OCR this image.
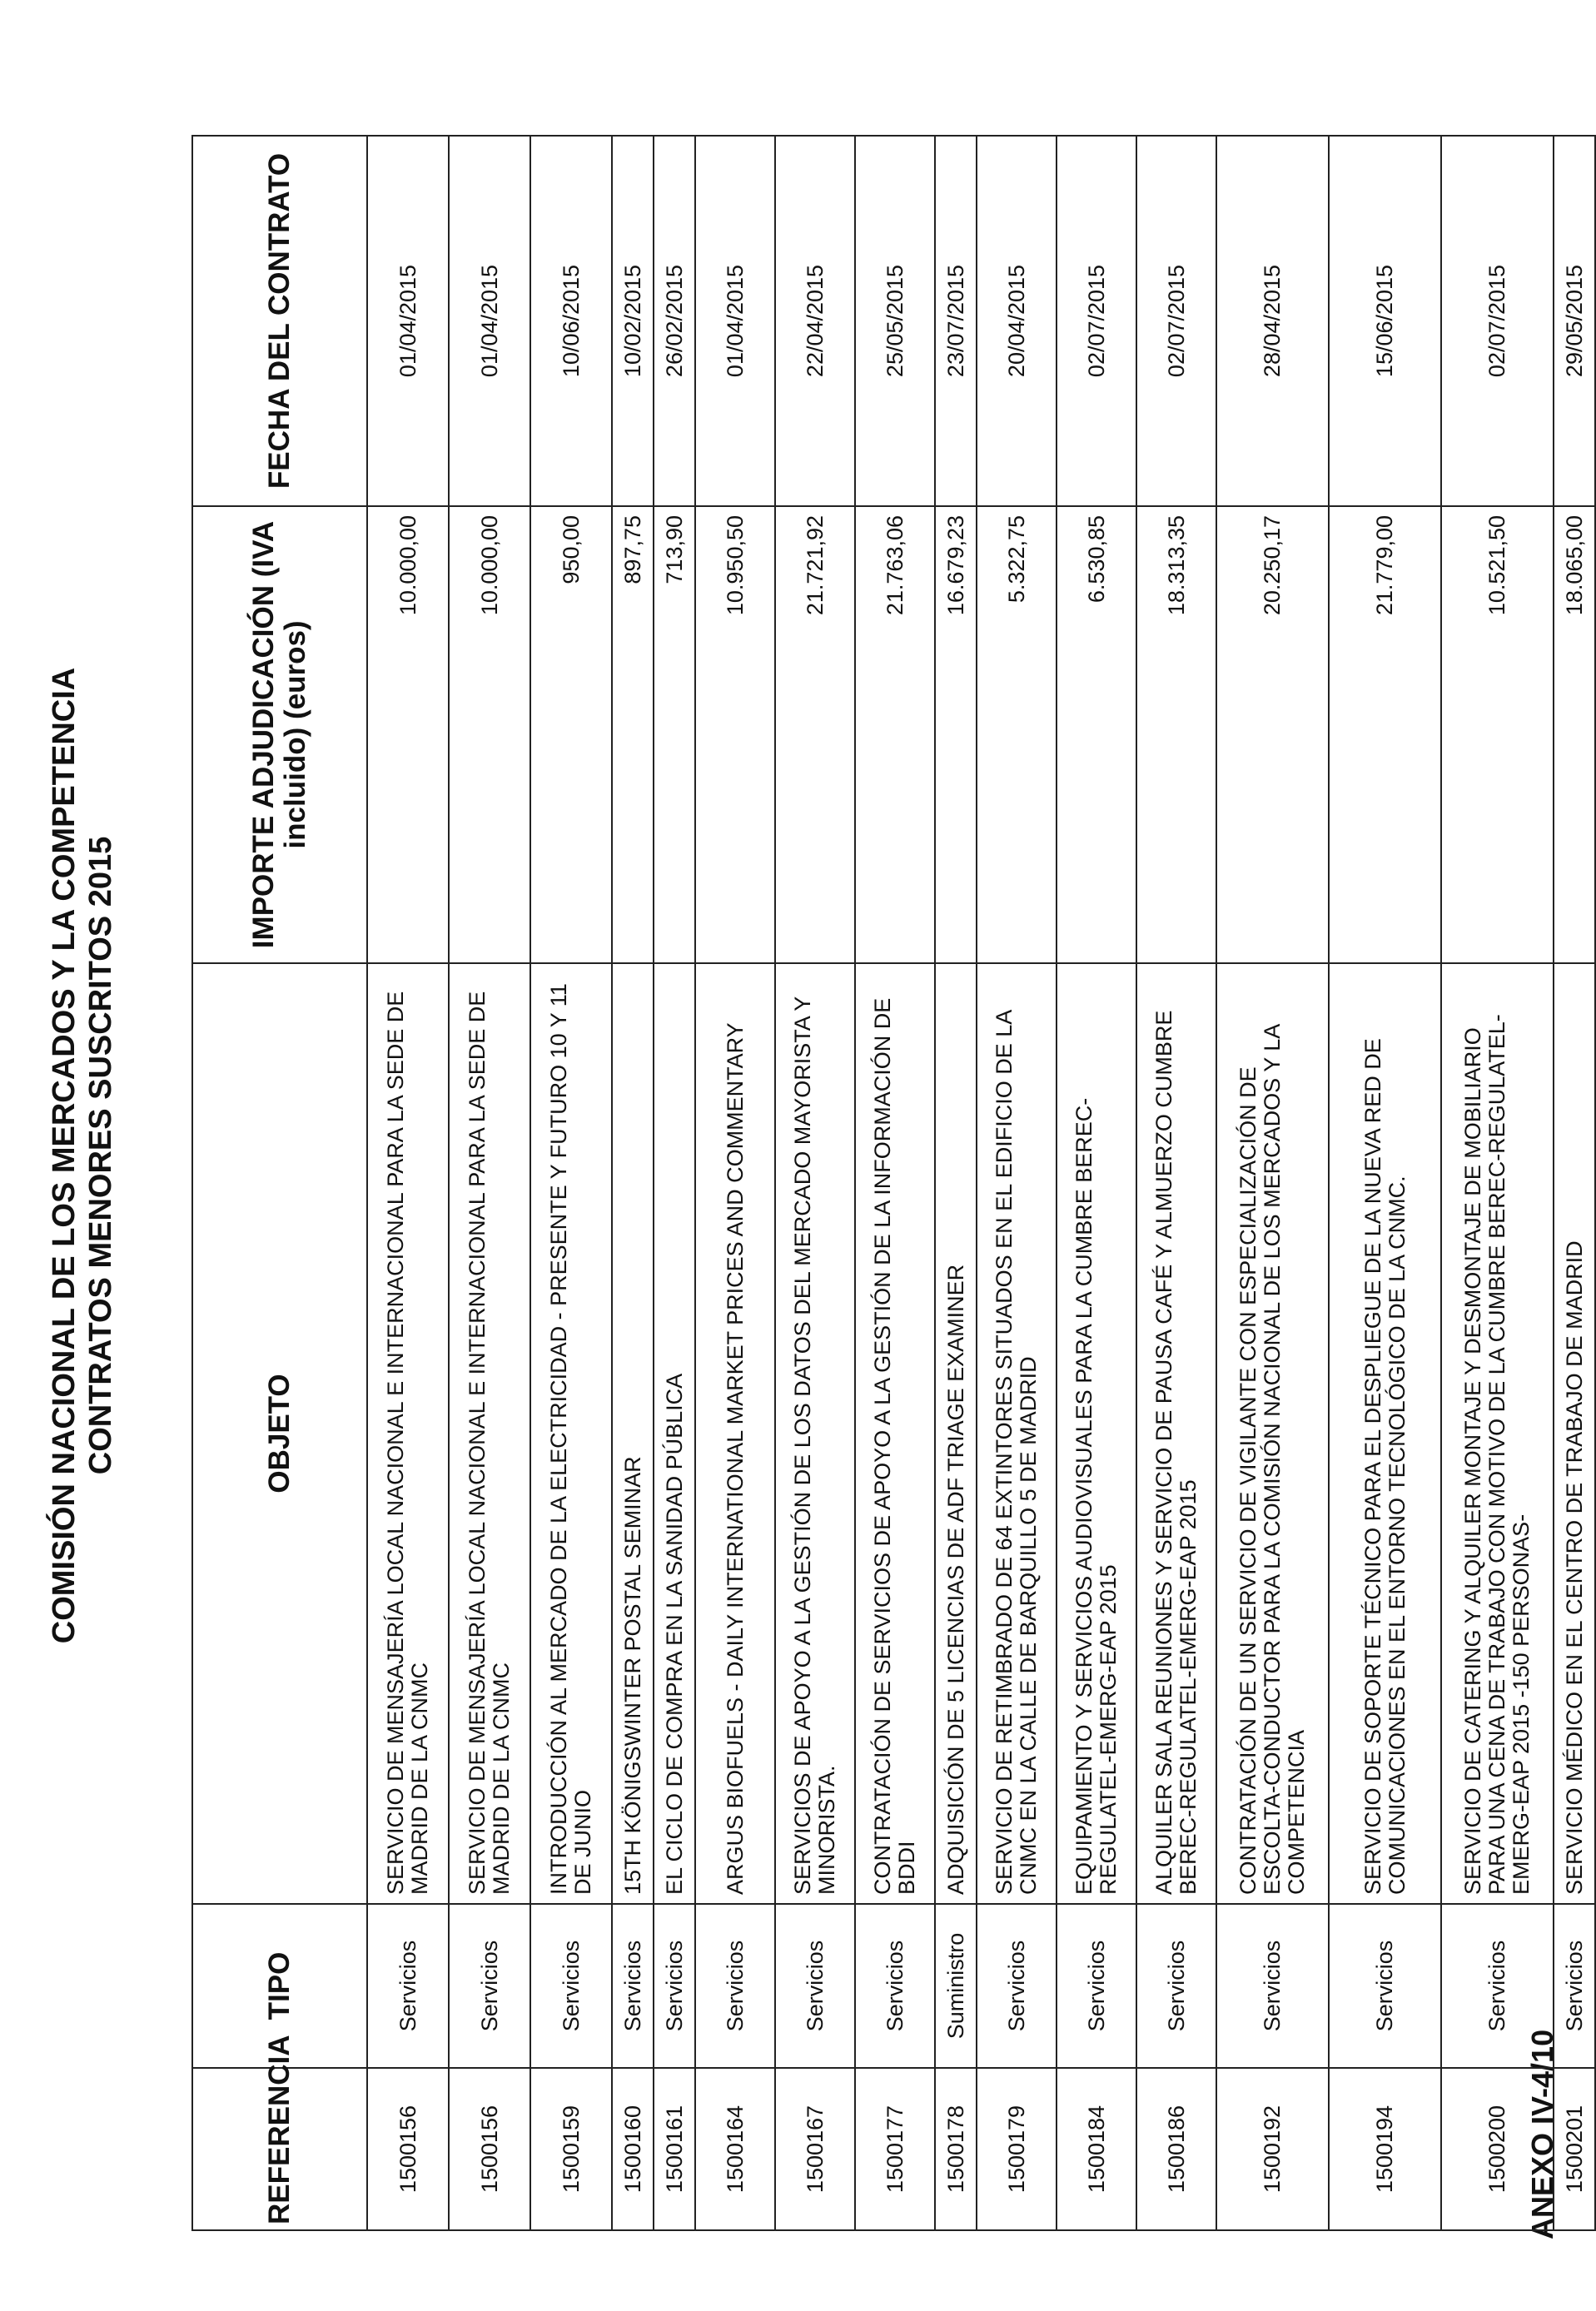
ANEXO IV-4/10
COMISIÓN NACIONAL DE LOS MERCADOS Y LA COMPETENCIA CONTRATOS MENORES SUSCRITOS 2015
REFERENCIA	TIPO	OBJETO	IMPORTE ADJUDICACIÓN (IVA incluido) (euros)	FECHA DEL CONTRATO
1500156	Servicios	SERVICIO DE MENSAJERÍA LOCAL NACIONAL E INTERNACIONAL PARA LA SEDE DE MADRID DE LA CNMC	10.000,00	01/04/2015
1500156	Servicios	SERVICIO DE MENSAJERÍA LOCAL NACIONAL E INTERNACIONAL PARA LA SEDE DE MADRID DE LA CNMC	10.000,00	01/04/2015
1500159	Servicios	INTRODUCCIÓN AL MERCADO DE LA ELECTRICIDAD - PRESENTE Y FUTURO 10 Y 11 DE JUNIO	950,00	10/06/2015
1500160	Servicios	15TH KÖNIGSWINTER POSTAL SEMINAR	897,75	10/02/2015
1500161	Servicios	EL CICLO DE COMPRA EN LA SANIDAD PÚBLICA	713,90	26/02/2015
1500164	Servicios	ARGUS BIOFUELS - DAILY INTERNATIONAL MARKET PRICES AND COMMENTARY	10.950,50	01/04/2015
1500167	Servicios	SERVICIOS DE APOYO A LA GESTIÓN DE LOS DATOS DEL MERCADO MAYORISTA Y MINORISTA.	21.721,92	22/04/2015
1500177	Servicios	CONTRATACIÓN DE SERVICIOS DE APOYO A LA GESTIÓN DE LA INFORMACIÓN DE BDDI	21.763,06	25/05/2015
1500178	Suministro	ADQUISICIÓN DE 5 LICENCIAS DE ADF TRIAGE EXAMINER	16.679,23	23/07/2015
1500179	Servicios	SERVICIO DE RETIMBRADO DE 64 EXTINTORES SITUADOS EN EL EDIFICIO DE LA CNMC EN LA CALLE DE BARQUILLO 5 DE MADRID	5.322,75	20/04/2015
1500184	Servicios	EQUIPAMIENTO Y SERVICIOS AUDIOVISUALES PARA LA CUMBRE BEREC-REGULATEL-EMERG-EAP 2015	6.530,85	02/07/2015
1500186	Servicios	ALQUILER SALA REUNIONES Y SERVICIO DE PAUSA CAFÉ Y ALMUERZO CUMBRE BEREC-REGULATEL-EMERG-EAP 2015	18.313,35	02/07/2015
1500192	Servicios	CONTRATACIÓN DE UN SERVICIO DE VIGILANTE CON ESPECIALIZACIÓN DE ESCOLTA-CONDUCTOR PARA LA COMISIÓN NACIONAL DE LOS MERCADOS Y LA COMPETENCIA	20.250,17	28/04/2015
1500194	Servicios	SERVICIO DE SOPORTE TÉCNICO PARA EL DESPLIEGUE DE LA NUEVA RED DE COMUNICACIONES EN EL ENTORNO TECNOLÓGICO DE LA CNMC.	21.779,00	15/06/2015
1500200	Servicios	SERVICIO DE CATERING Y ALQUILER MONTAJE Y DESMONTAJE DE MOBILIARIO PARA UNA CENA DE TRABAJO CON MOTIVO DE LA CUMBRE BEREC-REGULATEL-EMERG-EAP 2015 -150 PERSONAS-	10.521,50	02/07/2015
1500201	Servicios	SERVICIO MÉDICO EN EL CENTRO DE TRABAJO DE MADRID	18.065,00	29/05/2015
